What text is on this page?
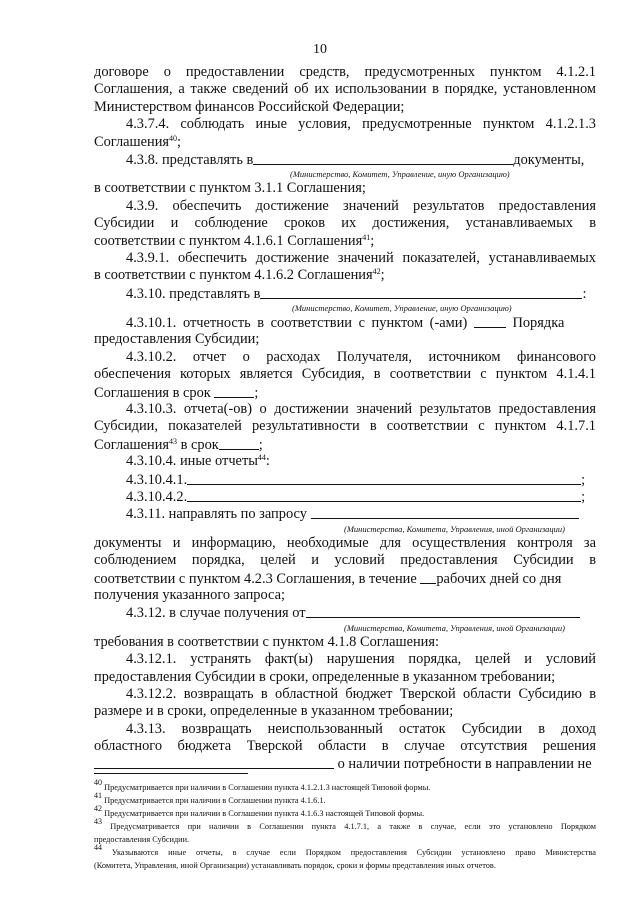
10
договоре о предоставлении средств, предусмотренных пунктом 4.1.2.1
Соглашения, а также сведений об их использовании в порядке, установленном
Министерством финансов Российской Федерации;
4.3.7.4. соблюдать иные условия, предусмотренные пунктом 4.1.2.1.3
Соглашения$^{40}$;
4.3.8. представлять в	документы,
(Министерство, Комитет, Управление, иную Организацию)
в соответствии с пунктом 3.1.1 Соглашения;
4.3.9. обеспечить достижение значений результатов предоставления
Субсидии и соблюдение сроков их достижения, устанавливаемых в
соответствии с пунктом 4.1.6.1 Соглашения$^{41}$;
4.3.9.1. обеспечить достижение значений показателей, устанавливаемых
в соответствии с пунктом 4.1.6.2 Соглашения$^{42}$;
4.3.10. представлять в	:
(Министерство, Комитет, Управление, иную Организацию)
4.3.10.1. отчетность в соответствии с пунктом (-ами)	Порядка
предоставления Субсидии;
4.3.10.2. отчет о расходах Получателя, источником финансового
обеспечения которых является Субсидия, в соответствии с пунктом 4.1.4.1
Соглашения в срок	;
4.3.10.3. отчета(-ов) о достижении значений результатов предоставления
Субсидии, показателей результативности в соответствии с пунктом 4.1.7.1
Соглашения$^{43}$ в срок	;
4.3.10.4. иные отчеты$^{44}$:
4.3.10.4.1.	;
4.3.10.4.2.	;
4.3.11. направлять по запросу
(Министерства, Комитета, Управления, иной Организации)
документы и информацию, необходимые для осуществления контроля за
соблюдением порядка, целей и условий предоставления Субсидии в
соответствии с пунктом 4.2.3 Соглашения, в течение рабочих дней со дня
получения указанного запроса;
4.3.12. в случае получения от
(Министерства, Комитета, Управления, иной Организации)
требования в соответствии с пунктом 4.1.8 Соглашения:
4.3.12.1. устранять факт(ы) нарушения порядка, целей и условий
предоставления Субсидии в сроки, определенные в указанном требовании;
4.3.12.2. возвращать в областной бюджет Тверской области Субсидию в
размере и в сроки, определенные в указанном требовании;
4.3.13. возвращать неиспользованный остаток Субсидии в доход
областного бюджета Тверской области в случае отсутствия решения
о наличии потребности в направлении не
$^{40}$ Предусматривается при наличии в Соглашении пункта 4.1.2.1.3 настоящей Типовой формы.
$^{41}$ Предусматривается при наличии в Соглашении пункта 4.1.6.1.
$^{42}$ Предусматривается при наличии в Соглашении пункта 4.1.6.3 настоящей Типовой формы.
$^{43}$ Предусматривается при наличии в Соглашении пункта 4.1.7.1, а также в случае, если это установлено Порядком
предоставления Субсидии.
$^{44}$ Указываются иные отчеты, в случае если Порядком предоставления Субсидии установлено право Министерства
(Комитета, Управления, иной Организации) устанавливать порядок, сроки и формы представления иных отчетов.
